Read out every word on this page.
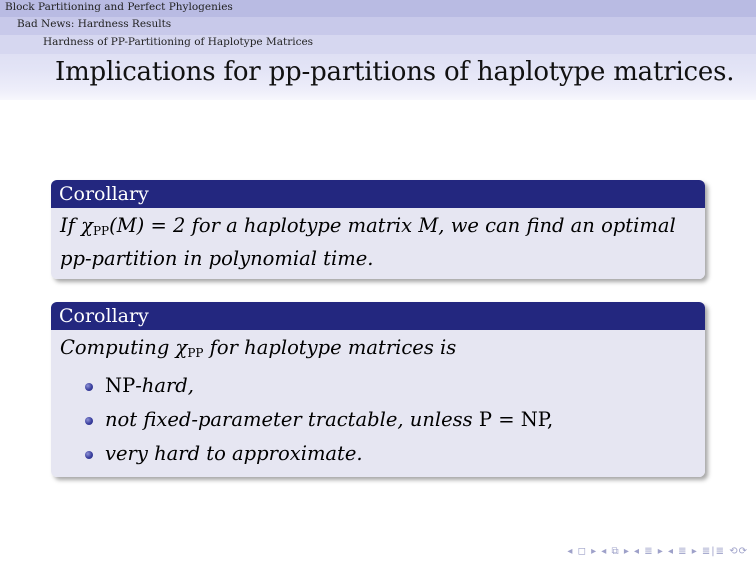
Block Partitioning and Perfect Phylogenies
Bad News: Hardness Results
Hardness of PP-Partitioning of Haplotype Matrices
Implications for pp-partitions of haplotype matrices.
Corollary
If $\chi_{PP}(M) = 2$ for a haplotype matrix M, we can find an optimal
pp-partition in polynomial time.
Corollary
Computing $\chi_{PP}$ for haplotype matrices is
NP-hard,
not fixed-parameter tractable, unless P = NP,
very hard to approximate.
◂ ◻ ▸ ◂ ⧉ ▸ ◂ ≣ ▸ ◂ ≣ ▸ ≣|≣ ⟲⟳
